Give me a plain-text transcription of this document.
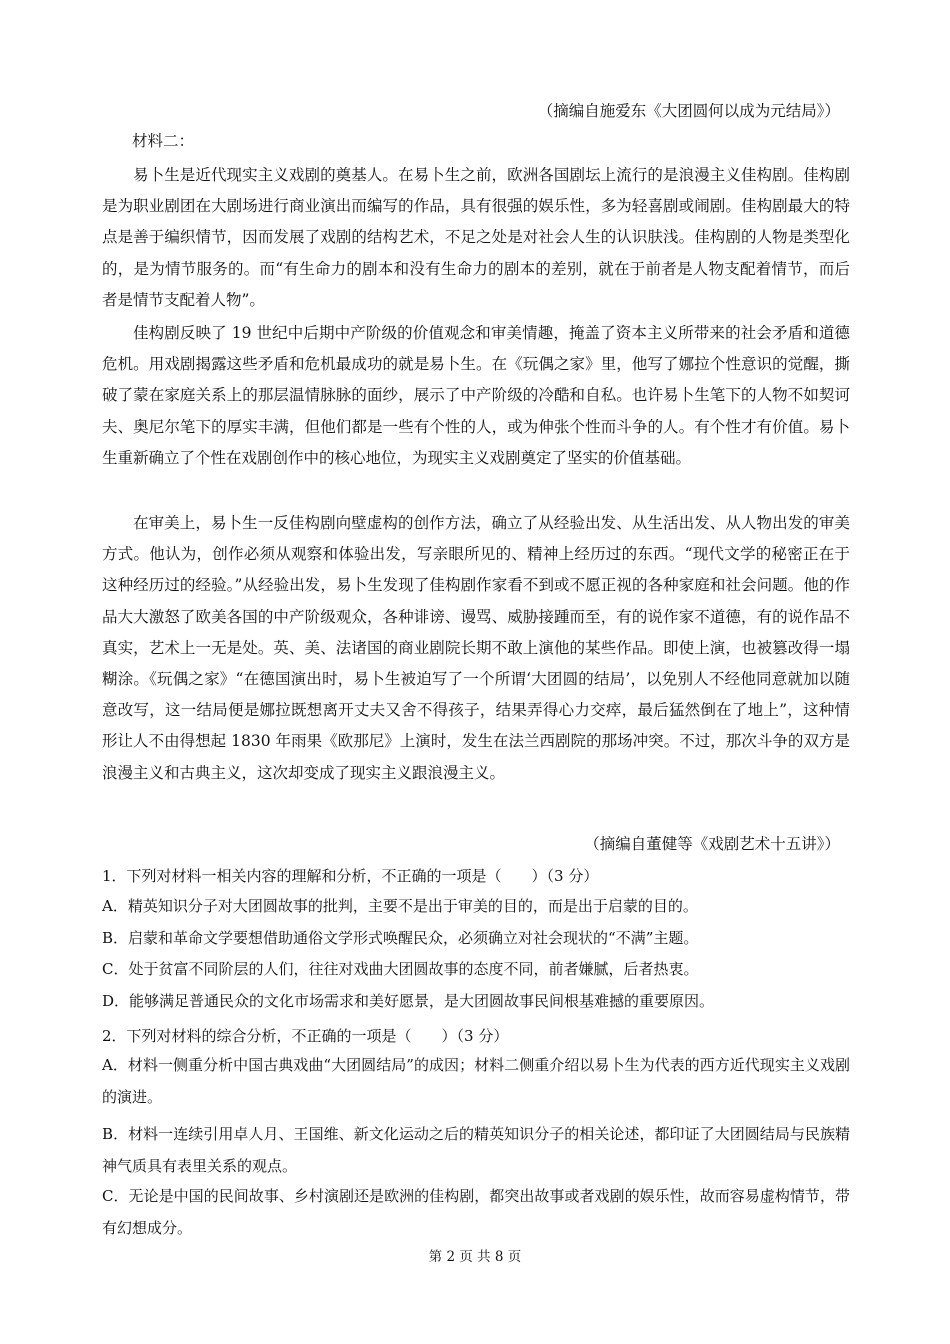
（摘编自施爱东《大团圆何以成为元结局》）
材料二：

易卜生是近代现实主义戏剧的奠基人。在易卜生之前，欧洲各国剧坛上流行的是浪漫主义佳构剧。佳构剧是为职业剧团在大剧场进行商业演出而编写的作品，具有很强的娱乐性，多为轻喜剧或闹剧。佳构剧最大的特点是善于编织情节，因而发展了戏剧的结构艺术，不足之处是对社会人生的认识肤浅。佳构剧的人物是类型化的，是为情节服务的。而“有生命力的剧本和没有生命力的剧本的差别，就在于前者是人物支配着情节，而后者是情节支配着人物”。

佳构剧反映了 19 世纪中后期中产阶级的价值观念和审美情趣，掩盖了资本主义所带来的社会矛盾和道德危机。用戏剧揭露这些矛盾和危机最成功的就是易卜生。在《玩偶之家》里，他写了娜拉个性意识的觉醒，撕破了蒙在家庭关系上的那层温情脉脉的面纱，展示了中产阶级的冷酷和自私。也许易卜生笔下的人物不如契诃夫、奥尼尔笔下的厚实丰满，但他们都是一些有个性的人，或为伸张个性而斗争的人。有个性才有价值。易卜生重新确立了个性在戏剧创作中的核心地位，为现实主义戏剧奠定了坚实的价值基础。

在审美上，易卜生一反佳构剧向壁虚构的创作方法，确立了从经验出发、从生活出发、从人物出发的审美方式。他认为，创作必须从观察和体验出发，写亲眼所见的、精神上经历过的东西。“现代文学的秘密正在于这种经历过的经验。”从经验出发，易卜生发现了佳构剧作家看不到或不愿正视的各种家庭和社会问题。他的作品大大激怒了欧美各国的中产阶级观众，各种诽谤、谩骂、威胁接踵而至，有的说作家不道德，有的说作品不真实，艺术上一无是处。英、美、法诸国的商业剧院长期不敢上演他的某些作品。即使上演，也被篡改得一塌糊涂。《玩偶之家》“在德国演出时，易卜生被迫写了一个所谓‘大团圆的结局’，以免别人不经他同意就加以随意改写，这一结局便是娜拉既想离开丈夫又舍不得孩子，结果弄得心力交瘁，最后猛然倒在了地上”，这种情形让人不由得想起 1830 年雨果《欧那尼》上演时，发生在法兰西剧院的那场冲突。不过，那次斗争的双方是浪漫主义和古典主义，这次却变成了现实主义跟浪漫主义。

（摘编自董健等《戏剧艺术十五讲》）

1．下列对材料一相关内容的理解和分析，不正确的一项是（　　）（3 分）

A．精英知识分子对大团圆故事的批判，主要不是出于审美的目的，而是出于启蒙的目的。

B．启蒙和革命文学要想借助通俗文学形式唤醒民众，必须确立对社会现状的“不满”主题。

C．处于贫富不同阶层的人们，往往对戏曲大团圆故事的态度不同，前者嫌腻，后者热衷。

D．能够满足普通民众的文化市场需求和美好愿景，是大团圆故事民间根基难撼的重要原因。

2．下列对材料的综合分析，不正确的一项是（　　）（3 分）

A．材料一侧重分析中国古典戏曲“大团圆结局”的成因；材料二侧重介绍以易卜生为代表的西方近代现实主义戏剧的演进。

B．材料一连续引用卓人月、王国维、新文化运动之后的精英知识分子的相关论述，都印证了大团圆结局与民族精神气质具有表里关系的观点。

C．无论是中国的民间故事、乡村演剧还是欧洲的佳构剧，都突出故事或者戏剧的娱乐性，故而容易虚构情节，带有幻想成分。

第 2 页 共 8 页
